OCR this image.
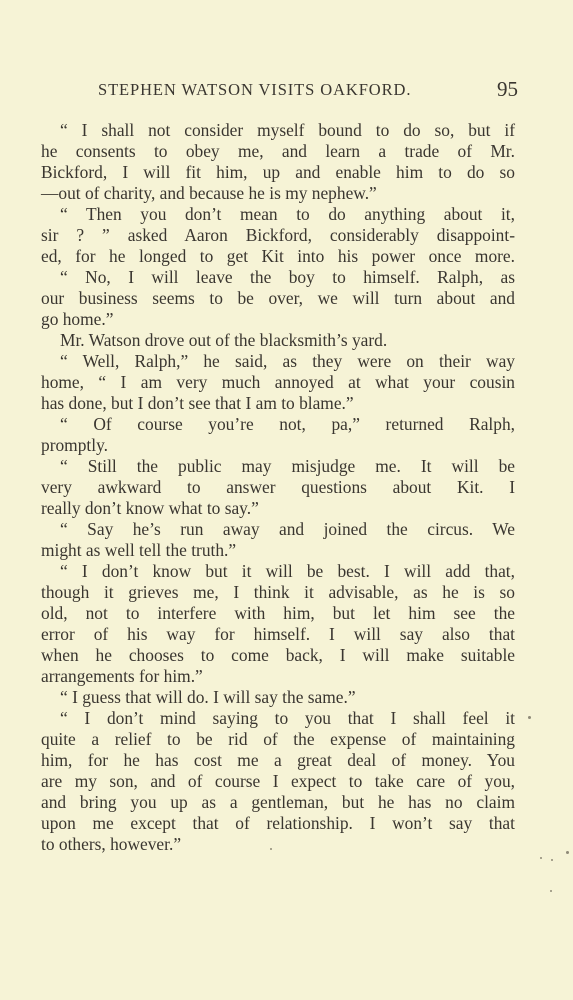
STEPHEN WATSON VISITS OAKFORD.	95
“ I shall not consider myself bound to do so, but if
he consents to obey me, and learn a trade of Mr.
Bickford, I will fit him, up and enable him to do so
—out of charity, and because he is my nephew.”
“ Then you don’t mean to do anything about it,
sir ? ” asked Aaron Bickford, considerably disappoint-
ed, for he longed to get Kit into his power once more.
“ No, I will leave the boy to himself. Ralph, as
our business seems to be over, we will turn about and
go home.”
Mr. Watson drove out of the blacksmith’s yard.
“ Well, Ralph,” he said, as they were on their way
home, “ I am very much annoyed at what your cousin
has done, but I don’t see that I am to blame.”
“ Of course you’re not, pa,” returned Ralph,
promptly.
“ Still the public may misjudge me. It will be
very awkward to answer questions about Kit. I
really don’t know what to say.”
“ Say he’s run away and joined the circus. We
might as well tell the truth.”
“ I don’t know but it will be best. I will add that,
though it grieves me, I think it advisable, as he is so
old, not to interfere with him, but let him see the
error of his way for himself. I will say also that
when he chooses to come back, I will make suitable
arrangements for him.”
“ I guess that will do. I will say the same.”
“ I don’t mind saying to you that I shall feel it
quite a relief to be rid of the expense of maintaining
him, for he has cost me a great deal of money. You
are my son, and of course I expect to take care of you,
and bring you up as a gentleman, but he has no claim
upon me except that of relationship. I won’t say that
to others, however.”
